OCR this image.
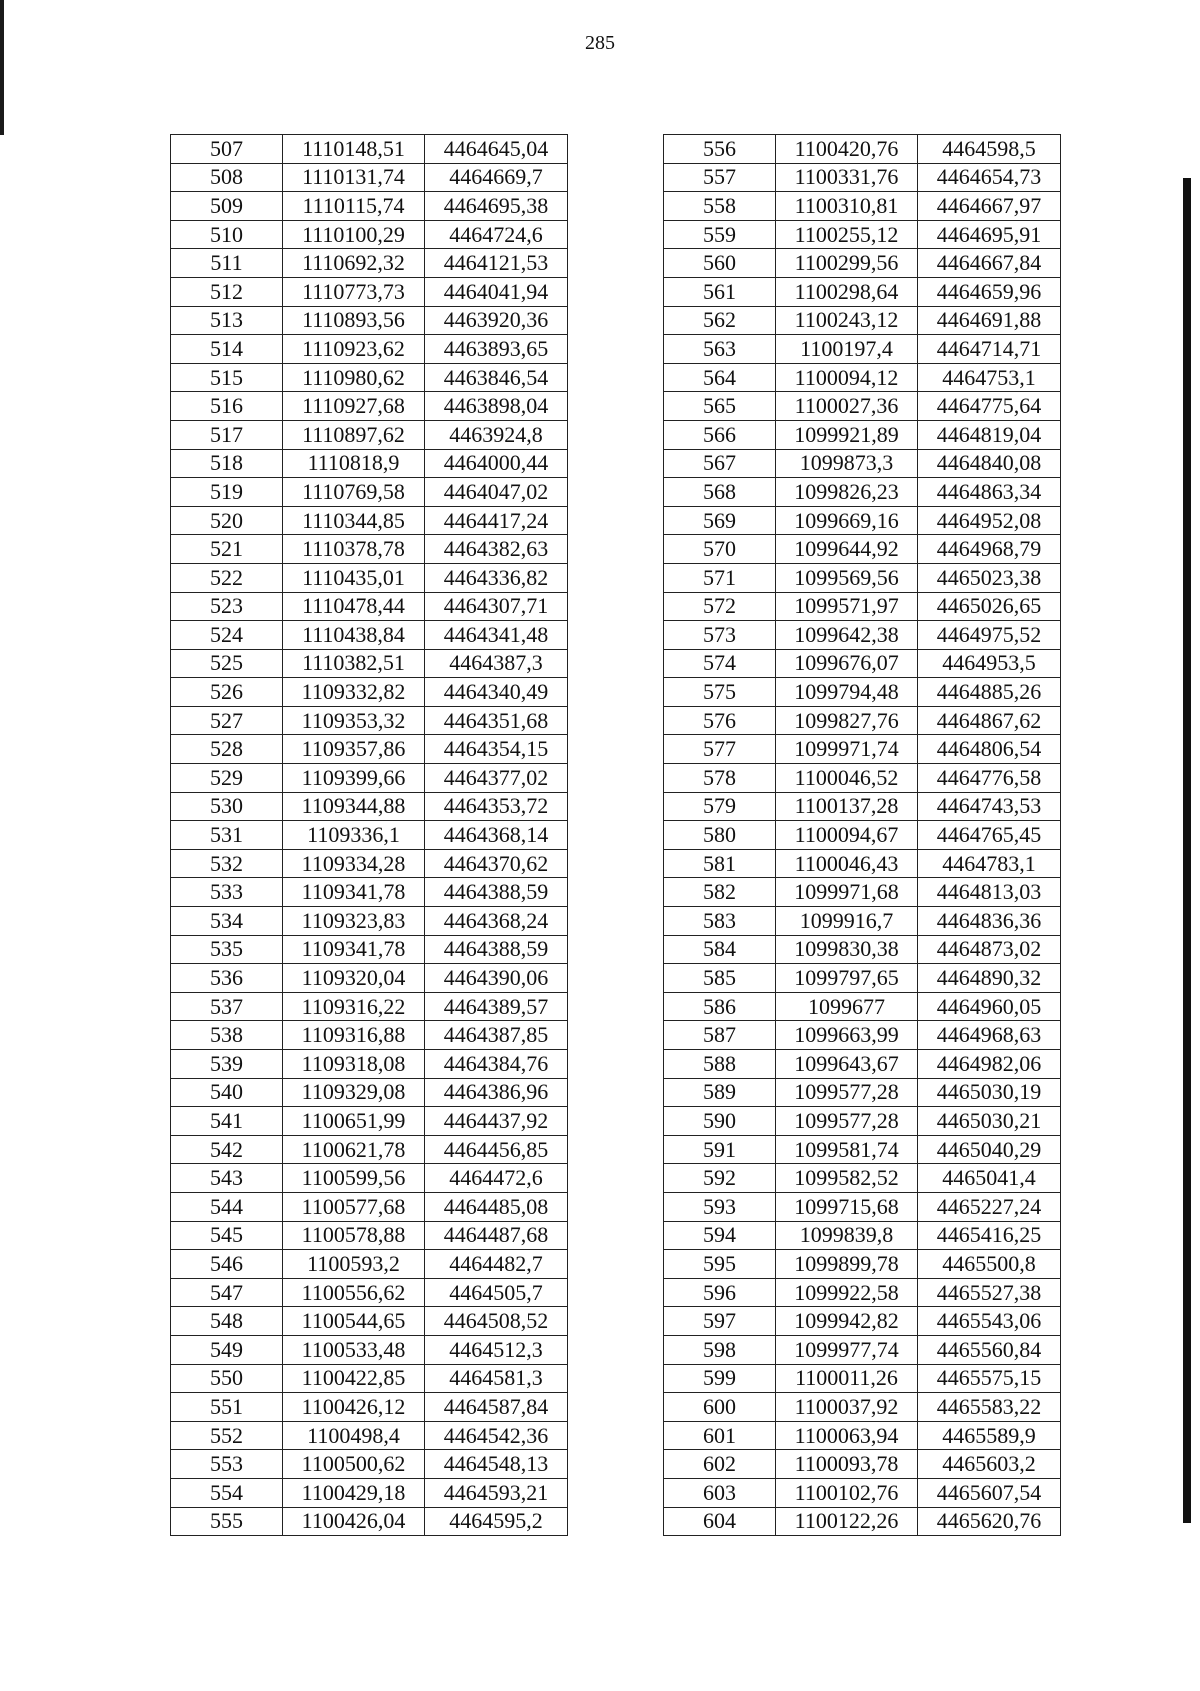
285
507	1110148,51	4464645,04
508	1110131,74	4464669,7
509	1110115,74	4464695,38
510	1110100,29	4464724,6
511	1110692,32	4464121,53
512	1110773,73	4464041,94
513	1110893,56	4463920,36
514	1110923,62	4463893,65
515	1110980,62	4463846,54
516	1110927,68	4463898,04
517	1110897,62	4463924,8
518	1110818,9	4464000,44
519	1110769,58	4464047,02
520	1110344,85	4464417,24
521	1110378,78	4464382,63
522	1110435,01	4464336,82
523	1110478,44	4464307,71
524	1110438,84	4464341,48
525	1110382,51	4464387,3
526	1109332,82	4464340,49
527	1109353,32	4464351,68
528	1109357,86	4464354,15
529	1109399,66	4464377,02
530	1109344,88	4464353,72
531	1109336,1	4464368,14
532	1109334,28	4464370,62
533	1109341,78	4464388,59
534	1109323,83	4464368,24
535	1109341,78	4464388,59
536	1109320,04	4464390,06
537	1109316,22	4464389,57
538	1109316,88	4464387,85
539	1109318,08	4464384,76
540	1109329,08	4464386,96
541	1100651,99	4464437,92
542	1100621,78	4464456,85
543	1100599,56	4464472,6
544	1100577,68	4464485,08
545	1100578,88	4464487,68
546	1100593,2	4464482,7
547	1100556,62	4464505,7
548	1100544,65	4464508,52
549	1100533,48	4464512,3
550	1100422,85	4464581,3
551	1100426,12	4464587,84
552	1100498,4	4464542,36
553	1100500,62	4464548,13
554	1100429,18	4464593,21
555	1100426,04	4464595,2
556	1100420,76	4464598,5
557	1100331,76	4464654,73
558	1100310,81	4464667,97
559	1100255,12	4464695,91
560	1100299,56	4464667,84
561	1100298,64	4464659,96
562	1100243,12	4464691,88
563	1100197,4	4464714,71
564	1100094,12	4464753,1
565	1100027,36	4464775,64
566	1099921,89	4464819,04
567	1099873,3	4464840,08
568	1099826,23	4464863,34
569	1099669,16	4464952,08
570	1099644,92	4464968,79
571	1099569,56	4465023,38
572	1099571,97	4465026,65
573	1099642,38	4464975,52
574	1099676,07	4464953,5
575	1099794,48	4464885,26
576	1099827,76	4464867,62
577	1099971,74	4464806,54
578	1100046,52	4464776,58
579	1100137,28	4464743,53
580	1100094,67	4464765,45
581	1100046,43	4464783,1
582	1099971,68	4464813,03
583	1099916,7	4464836,36
584	1099830,38	4464873,02
585	1099797,65	4464890,32
586	1099677	4464960,05
587	1099663,99	4464968,63
588	1099643,67	4464982,06
589	1099577,28	4465030,19
590	1099577,28	4465030,21
591	1099581,74	4465040,29
592	1099582,52	4465041,4
593	1099715,68	4465227,24
594	1099839,8	4465416,25
595	1099899,78	4465500,8
596	1099922,58	4465527,38
597	1099942,82	4465543,06
598	1099977,74	4465560,84
599	1100011,26	4465575,15
600	1100037,92	4465583,22
601	1100063,94	4465589,9
602	1100093,78	4465603,2
603	1100102,76	4465607,54
604	1100122,26	4465620,76
